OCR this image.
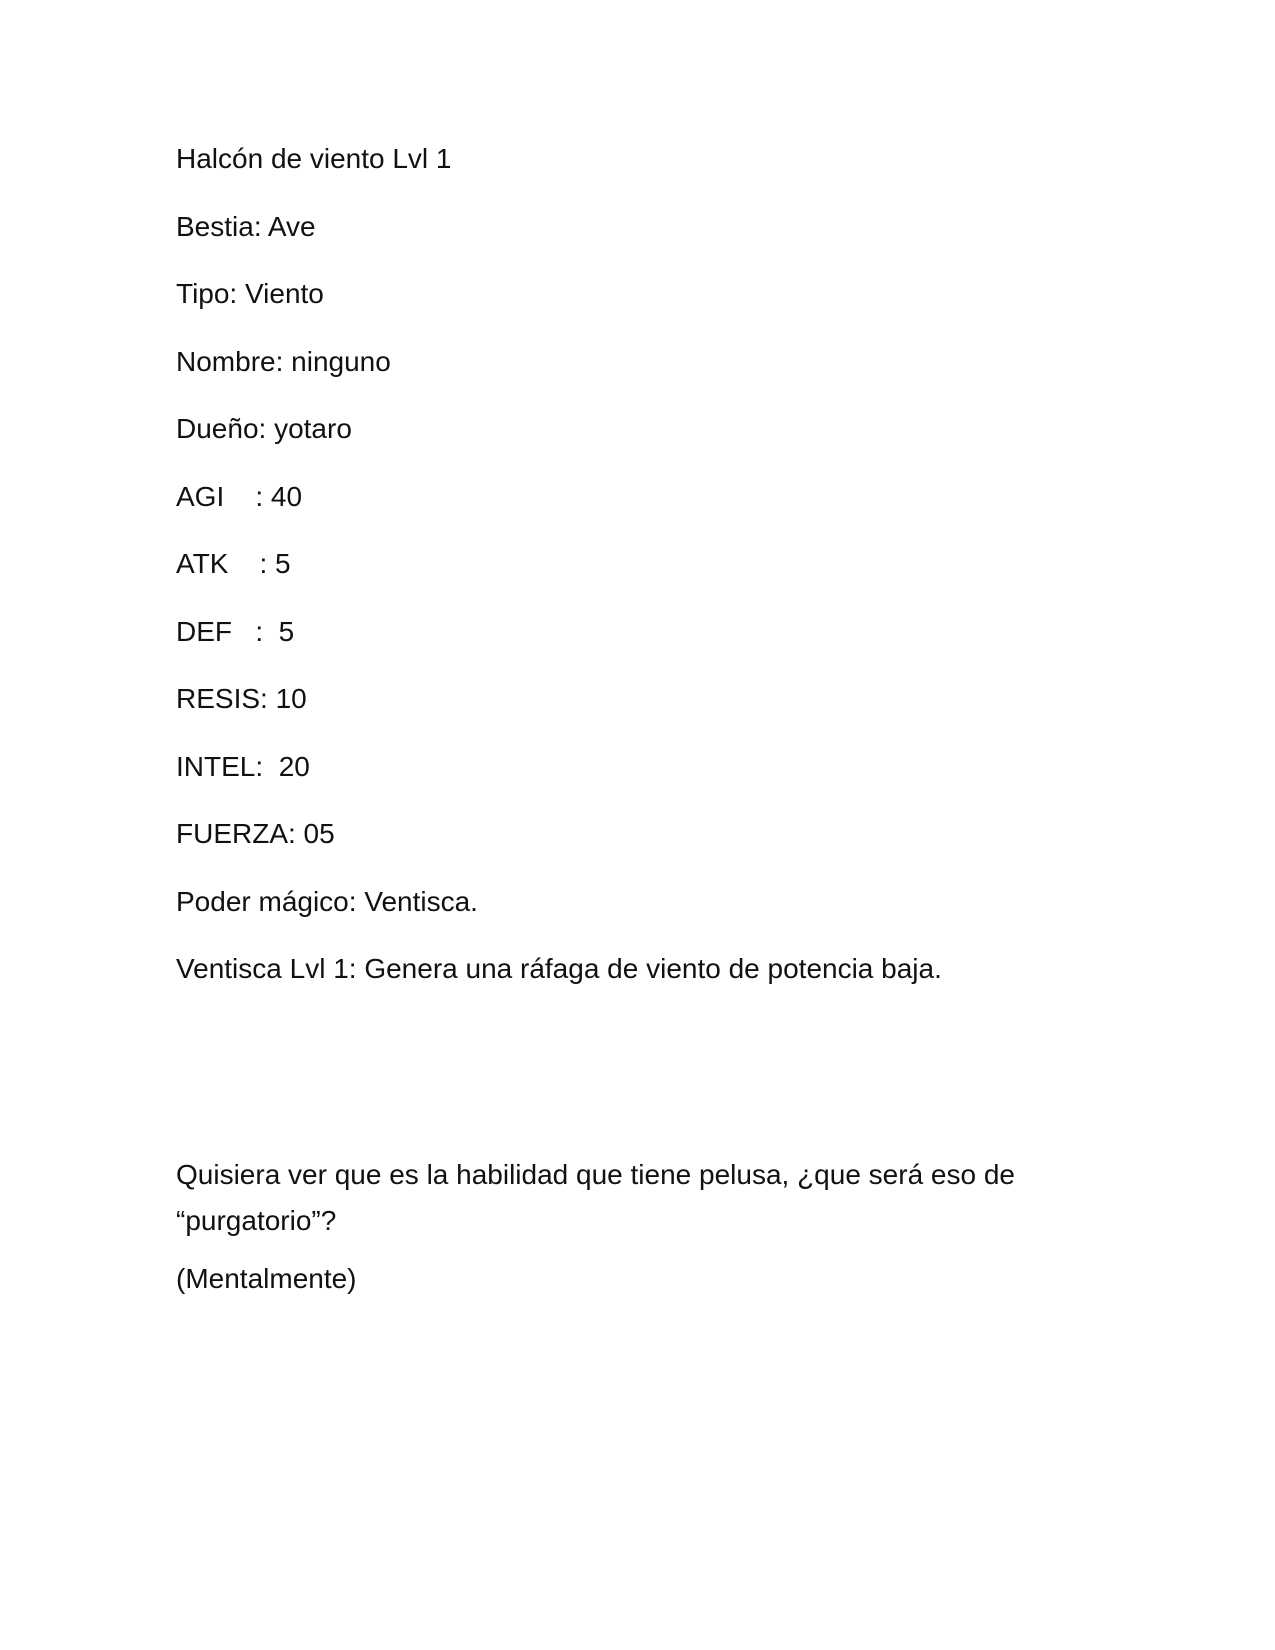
Halcón de viento Lvl 1
Bestia: Ave
Tipo: Viento
Nombre: ninguno
Dueño: yotaro
AGI    : 40
ATK    : 5
DEF   :  5
RESIS: 10
INTEL:  20
FUERZA: 05
Poder mágico: Ventisca.
Ventisca Lvl 1: Genera una ráfaga de viento de potencia baja.
Quisiera ver que es la habilidad que tiene pelusa, ¿que será eso de “purgatorio”?
(Mentalmente)
